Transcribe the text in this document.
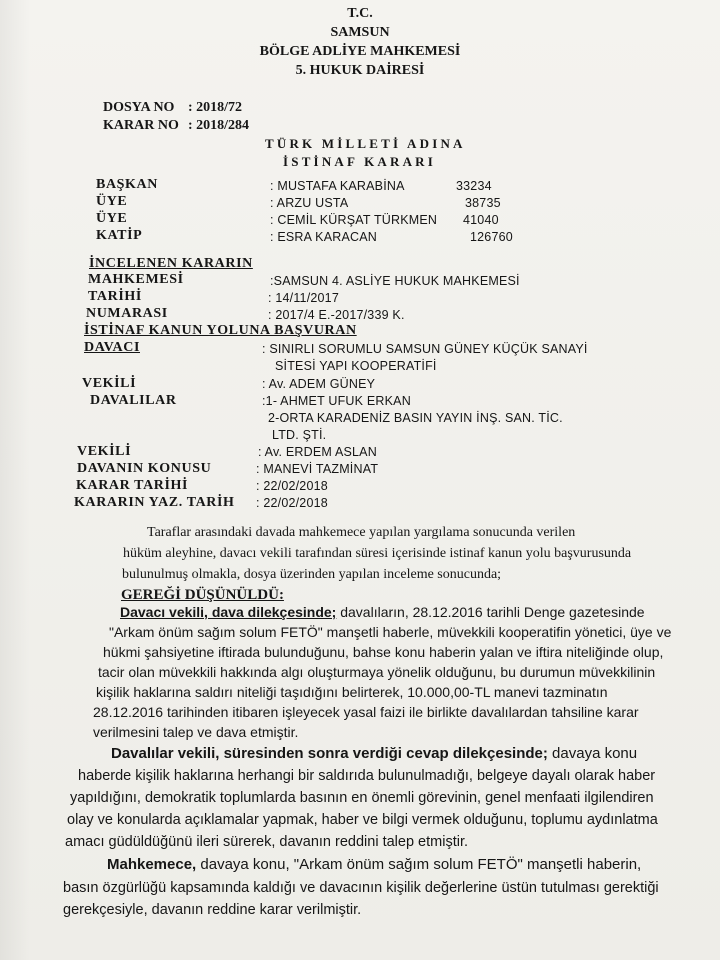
T.C.
SAMSUN
BÖLGE ADLİYE MAHKEMESİ
5. HUKUK DAİRESİ
DOSYA NO : 2018/72
KARAR NO : 2018/284
TÜRK MİLLETİ ADINA
İSTİNAF KARARI
BAŞKAN	: MUSTAFA KARABİNA	33234
ÜYE	: ARZU USTA	38735
ÜYE	: CEMİL KÜRŞAT TÜRKMEN 41040
KATİP	: ESRA KARACAN	126760
İNCELENEN KARARIN
MAHKEMESİ	:SAMSUN 4. ASLİYE HUKUK MAHKEMESİ
TARİHİ	: 14/11/2017
NUMARASI	: 2017/4 E.-2017/339 K.
İSTİNAF KANUN YOLUNA BAŞVURAN
DAVACI	: SINIRLI SORUMLU SAMSUN GÜNEY KÜÇÜK SANAYİ
SİTESİ YAPI KOOPERATİFİ
VEKİLİ	: Av. ADEM GÜNEY
DAVALILAR	:1- AHMET UFUK ERKAN
2-ORTA KARADENİZ BASIN YAYIN İNŞ. SAN. TİC.
LTD. ŞTİ.
VEKİLİ	: Av. ERDEM ASLAN
DAVANIN KONUSU	: MANEVİ TAZMİNAT
KARAR TARİHİ	: 22/02/2018
KARARIN YAZ. TARİH : 22/02/2018
Taraflar arasındaki davada mahkemece yapılan yargılama sonucunda verilen
hüküm aleyhine, davacı vekili tarafından süresi içerisinde istinaf kanun yolu başvurusunda
bulunulmuş olmakla, dosya üzerinden yapılan inceleme sonucunda;
GEREĞİ DÜŞÜNÜLDÜ:
Davacı vekili, dava dilekçesinde; davalıların, 28.12.2016 tarihli Denge gazetesinde
"Arkam önüm sağım solum FETÖ" manşetli haberle, müvekkili kooperatifin yönetici, üye ve
hükmi şahsiyetine iftirada bulunduğunu, bahse konu haberin yalan ve iftira niteliğinde olup,
tacir olan müvekkili hakkında algı oluşturmaya yönelik olduğunu, bu durumun müvekkilinin
kişilik haklarına saldırı niteliği taşıdığını belirterek, 10.000,00-TL manevi tazminatın
28.12.2016 tarihinden itibaren işleyecek yasal faizi ile birlikte davalılardan tahsiline karar
verilmesini talep ve dava etmiştir.
Davalılar vekili, süresinden sonra verdiği cevap dilekçesinde; davaya konu
haberde kişilik haklarına herhangi bir saldırıda bulunulmadığı, belgeye dayalı olarak haber
yapıldığını, demokratik toplumlarda basının en önemli görevinin, genel menfaati ilgilendiren
olay ve konularda açıklamalar yapmak, haber ve bilgi vermek olduğunu, toplumu aydınlatma
amacı güdüldüğünü ileri sürerek, davanın reddini talep etmiştir.
Mahkemece, davaya konu, "Arkam önüm sağım solum FETÖ" manşetli haberin,
basın özgürlüğü kapsamında kaldığı ve davacının kişilik değerlerine üstün tutulması gerektiği
gerekçesiyle, davanın reddine karar verilmiştir.
